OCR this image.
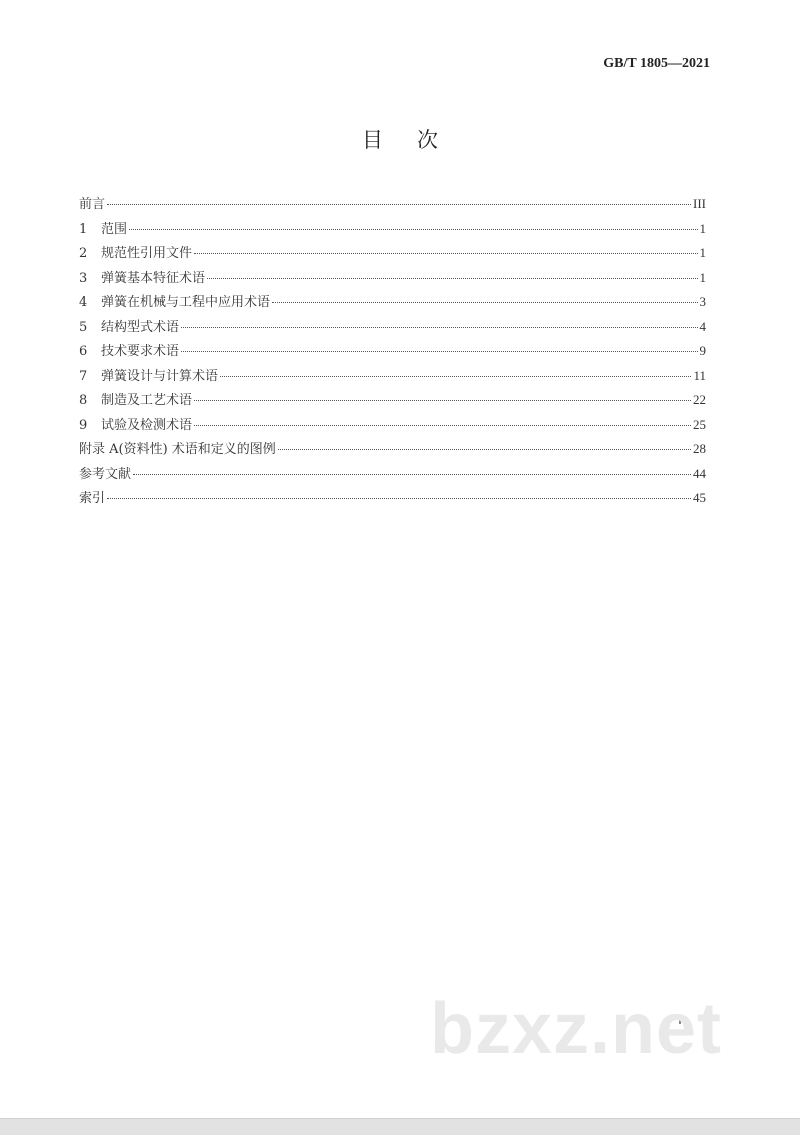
GB/T 1805—2021
目次
前言	III
1	范围	1
2	规范性引用文件	1
3	弹簧基本特征术语	1
4	弹簧在机械与工程中应用术语	3
5	结构型式术语	4
6	技术要求术语	9
7	弹簧设计与计算术语	11
8	制造及工艺术语	22
9	试验及检测术语	25
附录 A(资料性) 术语和定义的图例	28
参考文献	44
索引	45
bzxz.net
